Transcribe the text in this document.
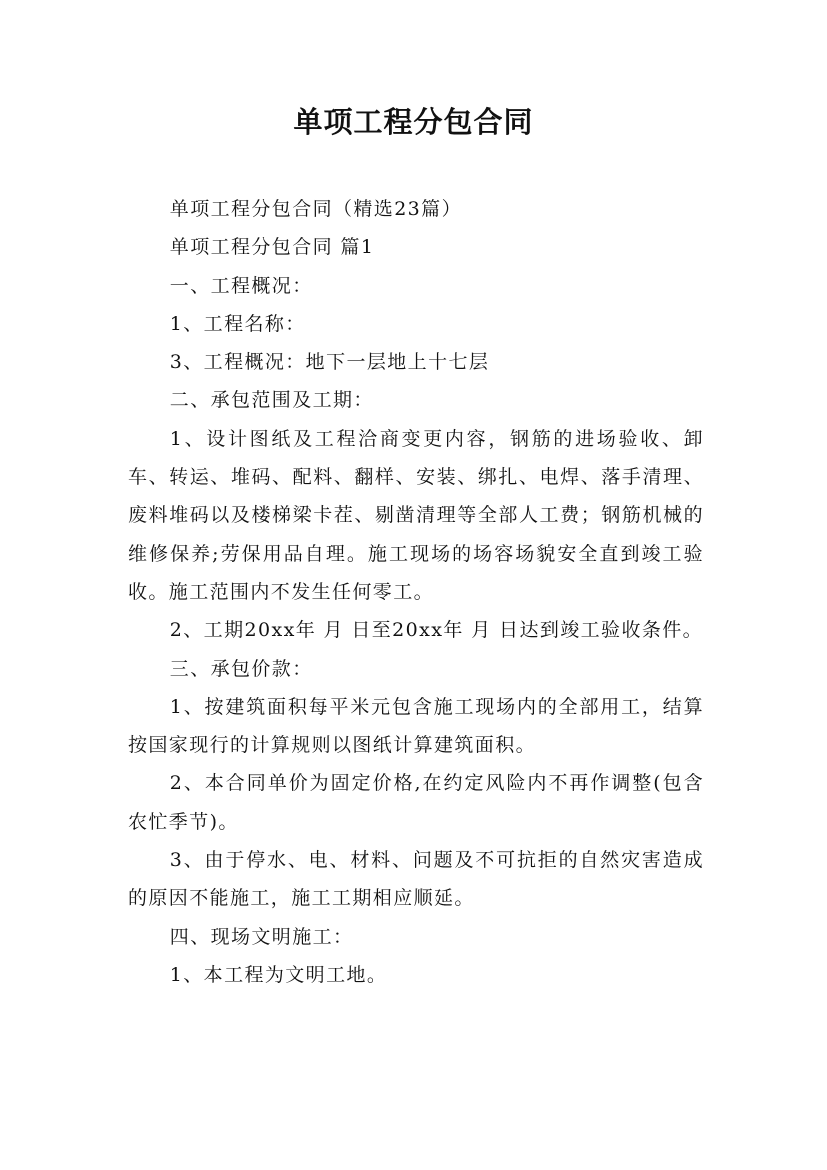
单项工程分包合同

单项工程分包合同（精选23篇）

单项工程分包合同 篇1

一、工程概况：

1、工程名称：

3、工程概况：地下一层地上十七层

二、承包范围及工期：

1、设计图纸及工程洽商变更内容，钢筋的进场验收、卸车、转运、堆码、配料、翻样、安装、绑扎、电焊、落手清理、废料堆码以及楼梯梁卡茬、剔凿清理等全部人工费；钢筋机械的维修保养;劳保用品自理。施工现场的场容场貌安全直到竣工验收。施工范围内不发生任何零工。

2、工期20xx年 月 日至20xx年 月 日达到竣工验收条件。

三、承包价款：

1、按建筑面积每平米元包含施工现场内的全部用工，结算按国家现行的计算规则以图纸计算建筑面积。

2、本合同单价为固定价格,在约定风险内不再作调整(包含农忙季节)。

3、由于停水、电、材料、问题及不可抗拒的自然灾害造成的原因不能施工，施工工期相应顺延。

四、现场文明施工：

1、本工程为文明工地。
